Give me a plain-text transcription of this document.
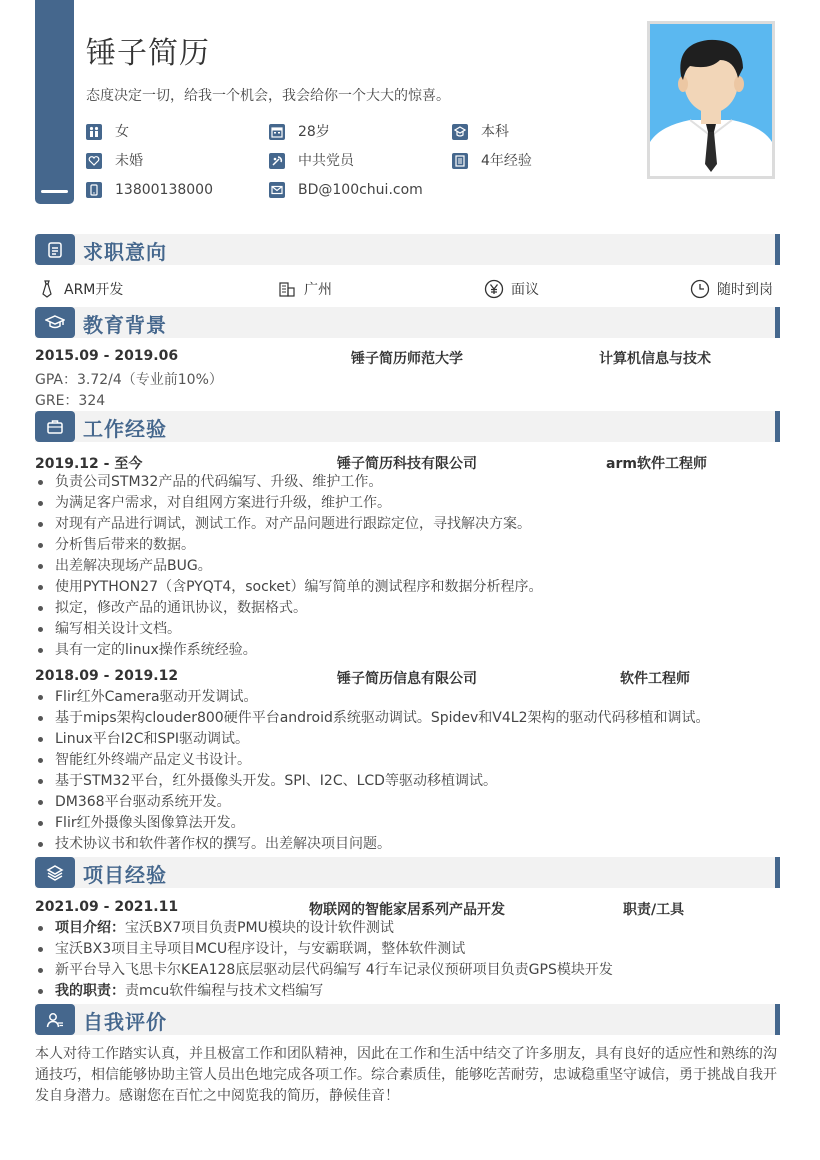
锤子简历
态度决定一切，给我一个机会，我会给你一个大大的惊喜。
女	28岁	本科
未婚	中共党员	4年经验
13800138000	BD@100chui.com
求职意向
ARM开发	广州	面议	随时到岗
教育背景
2015.09 - 2019.06	锤子简历师范大学	计算机信息与技术
GPA：3.72/4（专业前10%）
GRE：324
工作经验
2019.12 - 至今	锤子简历科技有限公司	arm软件工程师
负责公司STM32产品的代码编写、升级、维护工作。
为满足客户需求，对自组网方案进行升级，维护工作。
对现有产品进行调试，测试工作。对产品问题进行跟踪定位，寻找解决方案。
分析售后带来的数据。
出差解决现场产品BUG。
使用PYTHON27（含PYQT4，socket）编写简单的测试程序和数据分析程序。
拟定，修改产品的通讯协议，数据格式。
编写相关设计文档。
具有一定的linux操作系统经验。
2018.09 - 2019.12	锤子简历信息有限公司	软件工程师
Flir红外Camera驱动开发调试。
基于mips架构clouder800硬件平台android系统驱动调试。Spidev和V4L2架构的驱动代码移植和调试。
Linux平台I2C和SPI驱动调试。
智能红外终端产品定义书设计。
基于STM32平台，红外摄像头开发。SPI、I2C、LCD等驱动移植调试。
DM368平台驱动系统开发。
Flir红外摄像头图像算法开发。
技术协议书和软件著作权的撰写。出差解决项目问题。
项目经验
2021.09 - 2021.11	物联网的智能家居系列产品开发	职责/工具
项目介绍：宝沃BX7项目负责PMU模块的设计软件测试
宝沃BX3项目主导项目MCU程序设计，与安霸联调，整体软件测试
新平台导入飞思卡尔KEA128底层驱动层代码编写 4行车记录仪预研项目负责GPS模块开发
我的职责：责mcu软件编程与技术文档编写
自我评价
本人对待工作踏实认真，并且极富工作和团队精神，因此在工作和生活中结交了许多朋友，具有良好的适应性和熟练的沟通技巧，相信能够协助主管人员出色地完成各项工作。综合素质佳，能够吃苦耐劳，忠诚稳重坚守诚信，勇于挑战自我开发自身潜力。感谢您在百忙之中阅览我的简历，静候佳音！
